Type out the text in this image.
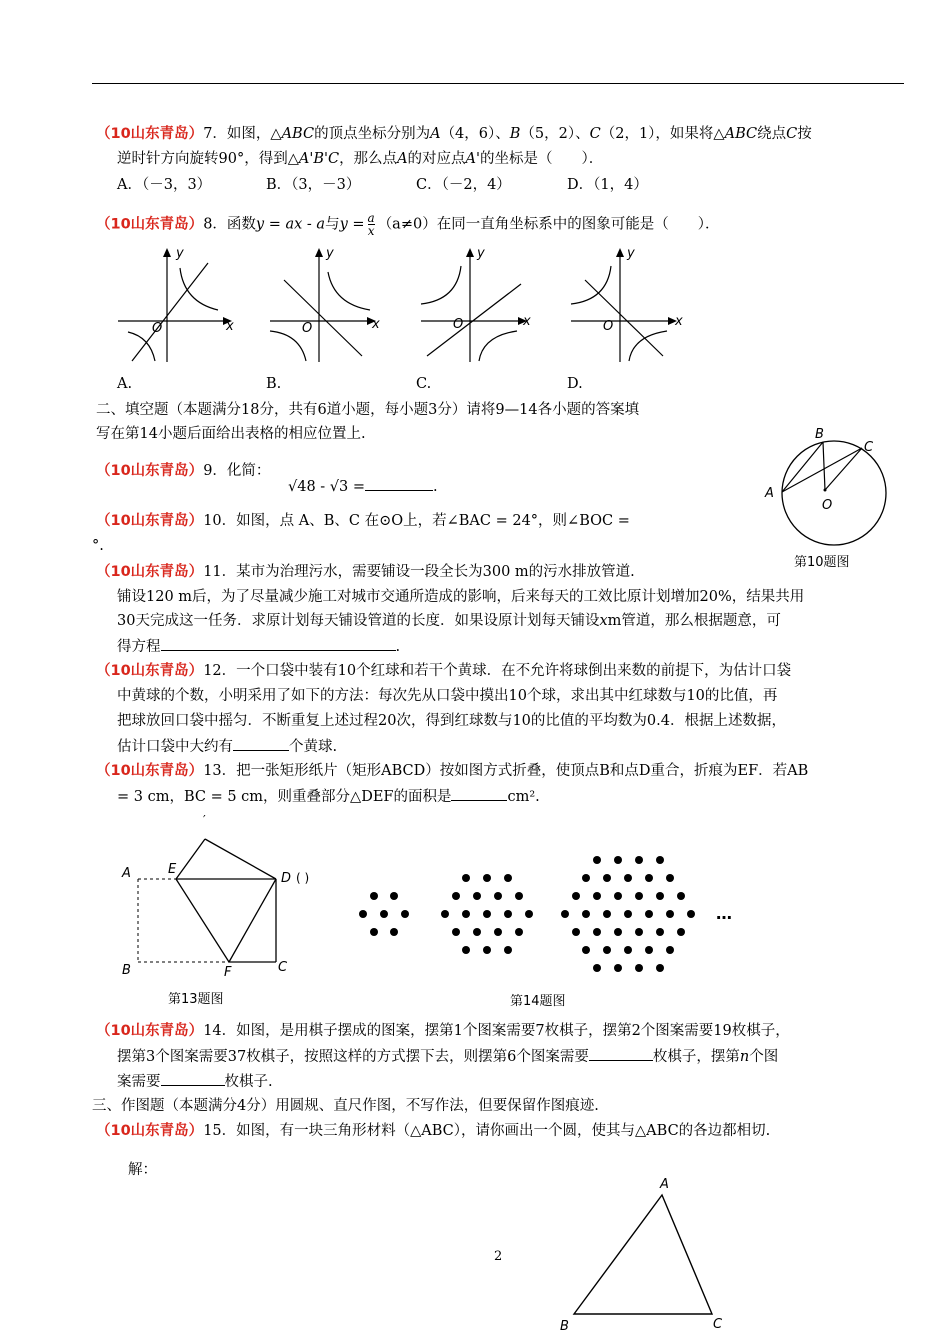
（10山东青岛）7．如图，△ABC的顶点坐标分别为A（4，6）、B（5，2）、C（2，1），如果将△ABC绕点C按
逆时针方向旋转90°，得到△A'B'C，那么点A的对应点A'的坐标是（　　）．
A．（－3，3）	B．（3，－3）	C．（－2，4）	D．（1，4）
（10山东青岛）8．函数y = ax - a与$y = \frac{a}{x} (a\ne 0)$在同一直角坐标系中的图象可能是（　　）．
x
y
O	x
y
O	x
y
O	x
y
O
A.	B.	C.	D.
二、填空题（本题满分18分，共有6道小题，每小题3分）请将9—14各小题的答案填
写在第14小题后面给出表格的相应位置上.
A
B
C
O
第10题图
（10山东青岛）9．化简：
√48 - √3 =	.
（10山东青岛）10．如图，点 A、B、C 在⊙O上，若∠BAC = 24°，则∠BOC =
°.
（10山东青岛）11．某市为治理污水，需要铺设一段全长为300 m的污水排放管道.
铺设120 m后，为了尽量减少施工对城市交通所造成的影响，后来每天的工效比原计划增加20%，结果共用
30天完成这一任务．求原计划每天铺设管道的长度．如果设原计划每天铺设xm管道，那么根据题意，可
得方程	.
（10山东青岛）12．一个口袋中装有10个红球和若干个黄球．在不允许将球倒出来数的前提下，为估计口袋
中黄球的个数，小明采用了如下的方法：每次先从口袋中摸出10个球，求出其中红球数与10的比值，再
把球放回口袋中摇匀．不断重复上述过程20次，得到红球数与10的比值的平均数为0.4．根据上述数据，
估计口袋中大约有	个黄球.
（10山东青岛）13．把一张矩形纸片（矩形ABCD）按如图方式折叠，使顶点B和点D重合，折痕为EF．若AB
= 3 cm，BC = 5 cm，则重叠部分△DEF的面积是	cm².
A
B	C
D ( )
E
F
′
第13题图
…
第14题图
（10山东青岛）14．如图，是用棋子摆成的图案，摆第1个图案需要7枚棋子，摆第2个图案需要19枚棋子，
摆第3个图案需要37枚棋子，按照这样的方式摆下去，则摆第6个图案需要	枚棋子，摆第n个图
案需要	枚棋子.
三、作图题（本题满分4分）用圆规、直尺作图，不写作法，但要保留作图痕迹.
（10山东青岛）15．如图，有一块三角形材料（△ABC），请你画出一个圆，使其与△ABC的各边都相切.
解：
A
B	C
2
